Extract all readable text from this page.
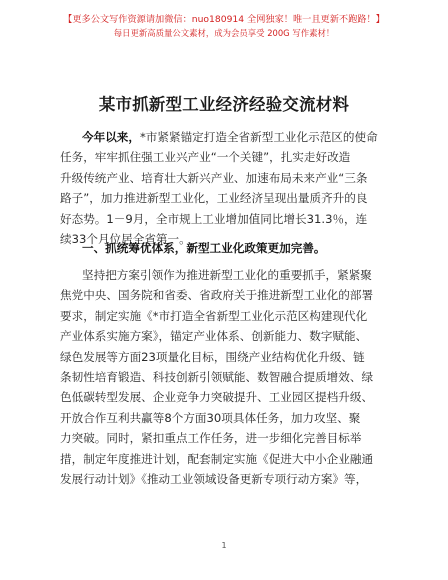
【更多公文写作资源请加微信：nuo180914 全网独家！唯一且更新不跑路！】
每日更新高质量公文素材，成为会员享受 200G 写作素材！
某市抓新型工业经济经验交流材料
今年以来，*市紧紧锚定打造全省新型工业化示范区的使命
任务，牢牢抓住强工业兴产业“一个关键”，扎实走好改造
升级传统产业、培育壮大新兴产业、加速布局未来产业“三条
路子”，加力推进新型工业化，工业经济呈现出量质齐升的良
好态势。1－9月，全市规上工业增加值同比增长31.3％，连
续33个月位居全省第一。
一、抓统筹优体系，新型工业化政策更加完善。
坚持把方案引领作为推进新型工业化的重要抓手，紧紧聚
焦党中央、国务院和省委、省政府关于推进新型工业化的部署
要求，制定实施《*市打造全省新型工业化示范区构建现代化
产业体系实施方案》，锚定产业体系、创新能力、数字赋能、
绿色发展等方面23项量化目标，围绕产业结构优化升级、链
条韧性培育锻造、科技创新引领赋能、数智融合提质增效、绿
色低碳转型发展、企业竞争力突破提升、工业园区提档升级、
开放合作互利共赢等8个方面30项具体任务，加力攻坚、聚
力突破。同时，紧扣重点工作任务，进一步细化完善目标举
措，制定年度推进计划，配套制定实施《促进大中小企业融通
发展行动计划》《推动工业领域设备更新专项行动方案》等，
1
